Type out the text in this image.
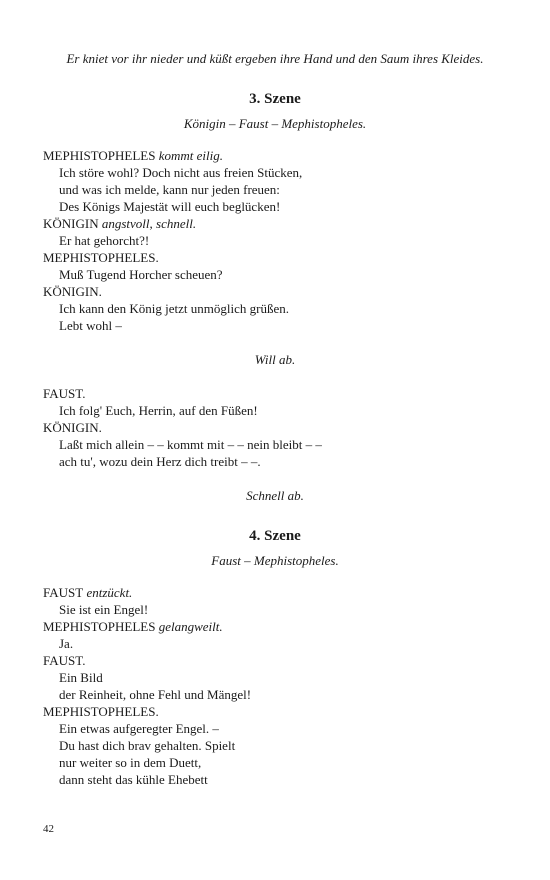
Er kniet vor ihr nieder und küßt ergeben ihre Hand und den Saum ihres Kleides.

3. Szene

Königin – Faust – Mephistopheles.

MEPHISTOPHELES kommt eilig.

Ich störe wohl? Doch nicht aus freien Stücken,

und was ich melde, kann nur jeden freuen:

Des Königs Majestät will euch beglücken!

KÖNIGIN angstvoll, schnell.

Er hat gehorcht?!

MEPHISTOPHELES.

Muß Tugend Horcher scheuen?

KÖNIGIN.

Ich kann den König jetzt unmöglich grüßen.

Lebt wohl –

Will ab.

FAUST.

Ich folg' Euch, Herrin, auf den Füßen!

KÖNIGIN.

Laßt mich allein – – kommt mit – – nein bleibt – –

ach tu', wozu dein Herz dich treibt – –.

Schnell ab.

4. Szene

Faust – Mephistopheles.

FAUST entzückt.

Sie ist ein Engel!

MEPHISTOPHELES gelangweilt.

Ja.

FAUST.

Ein Bild

der Reinheit, ohne Fehl und Mängel!

MEPHISTOPHELES.

Ein etwas aufgeregter Engel. –

Du hast dich brav gehalten. Spielt

nur weiter so in dem Duett,

dann steht das kühle Ehebett

42
